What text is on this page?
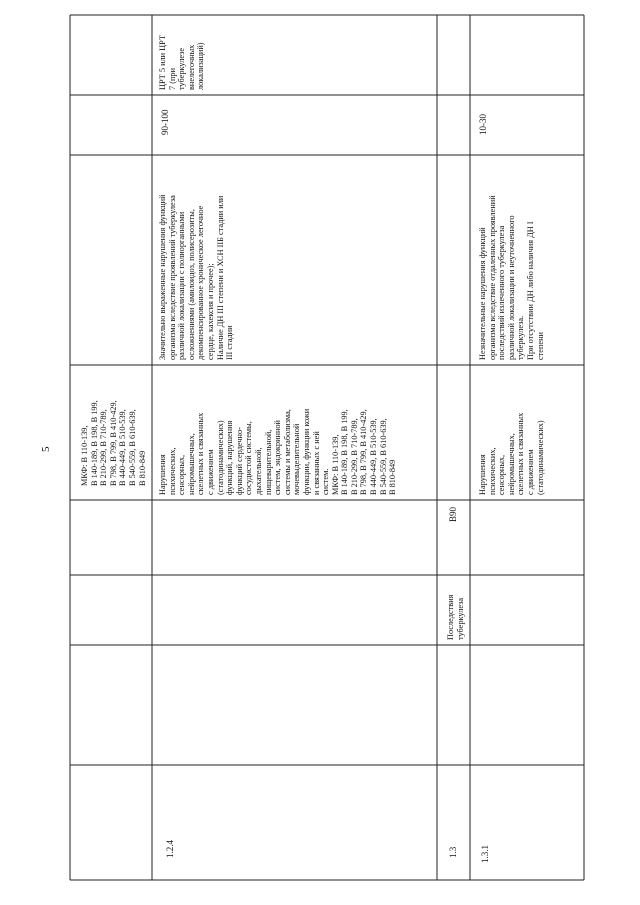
5
МКФ: В 110-139,
В 140-189, В 198, В 199,
В 210-299, В 710-789,
В 798, В 799, В 410-429,
В 440-449, В 510-539,
В 540-559, В 610-639,
В 810-849
1.2.4
Нарушения
психических,
сенсорных,
нейромышечных,
скелетных и связанных
с движением
(статодинамических)
функций, нарушения
функций сердечно-
сосудистой системы,
дыхательной,
пищеварительной,
систем, эндокринной
системы и метаболизма,
мочевыделительной
функции, функции кожи
и связанных с ней
систем.
МКФ: В 110-139,
В 140-189, В 198, В 199,
В 210-299, В 710-789,
В 798, В 799, В 410-429,
В 440-449, В 510-539,
В 540-559, В 610-639,
В 810-849
Значительно выраженные нарушения функций
организма вследствие проявлений туберкулеза
различной локализации с полиорганными
осложнениями (амилоидоз, полисерозиты,
декомпенсированное хроническое легочное
сердце, кахексия и прочее);
Наличие ДН III степени и ХСН IIБ стадии или
III стадии
90-100
ЦРТ 5 или ЦРТ
7 (при
туберкулезе
внелегочных
локализаций)
1.3
Последствия
туберкулеза
В90
1.3.1
Нарушения
психических,
сенсорных,
нейромышечных,
скелетных и связанных
с движением
(статодинамических)
Незначительные нарушения функций
организма вследствие отдаленных проявлений
последствий излеченного туберкулеза
различной локализации и неуточненного
туберкулеза.
При отсутствии ДН либо наличия ДН I
степени
10-30
